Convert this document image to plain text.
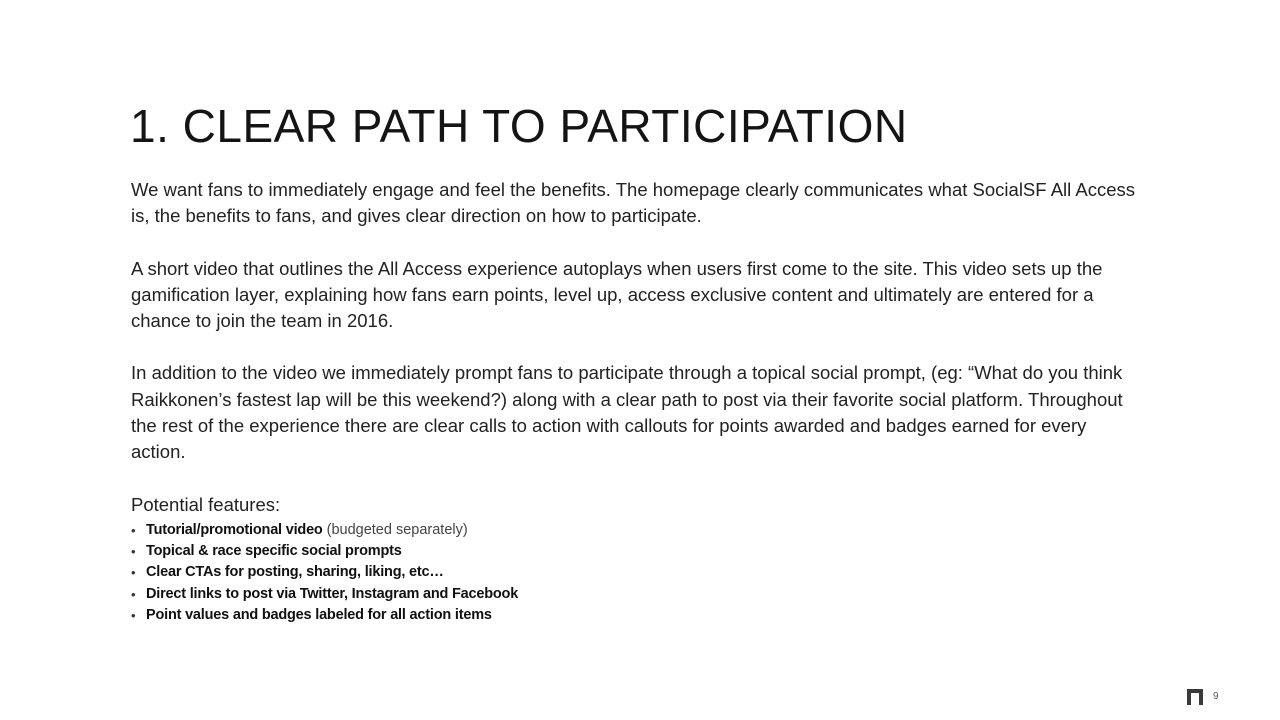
1. CLEAR PATH TO PARTICIPATION

We want fans to immediately engage and feel the benefits. The homepage clearly communicates what SocialSF All Access is, the benefits to fans, and gives clear direction on how to participate.

A short video that outlines the All Access experience autoplays when users first come to the site. This video sets up the gamification layer, explaining how fans earn points, level up, access exclusive content and ultimately are entered for a chance to join the team in 2016.

In addition to the video we immediately prompt fans to participate through a topical social prompt, (eg: “What do you think Raikkonen’s fastest lap will be this weekend?) along with a clear path to post via their favorite social platform. Throughout the rest of the experience there are clear calls to action with callouts for points awarded and badges earned for every action.

Potential features:

• Tutorial/promotional video (budgeted separately)
• Topical & race specific social prompts
• Clear CTAs for posting, sharing, liking, etc…
• Direct links to post via Twitter, Instagram and Facebook
• Point values and badges labeled for all action items
9
